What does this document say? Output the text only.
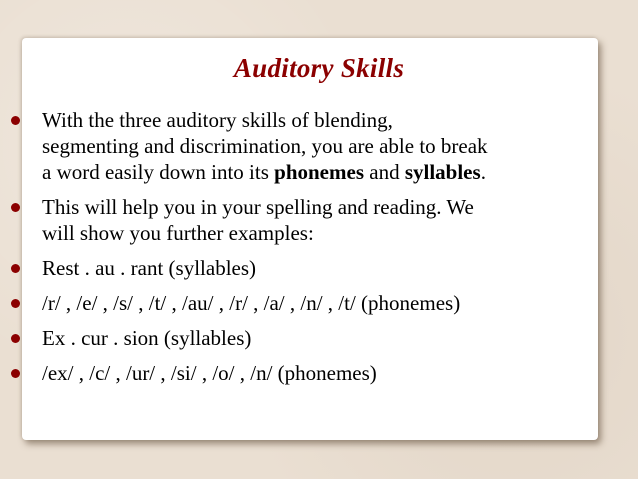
Auditory Skills
With the three auditory skills of blending,
segmenting and discrimination, you are able to break
a word easily down into its phonemes and syllables.
This will help you in your spelling and reading. We
will show you further examples:
Rest . au . rant (syllables)
/r/ , /e/ , /s/ , /t/ , /au/ , /r/ , /a/ , /n/ , /t/ (phonemes)
Ex . cur . sion (syllables)
/ex/ , /c/ , /ur/ , /si/ , /o/ , /n/ (phonemes)
